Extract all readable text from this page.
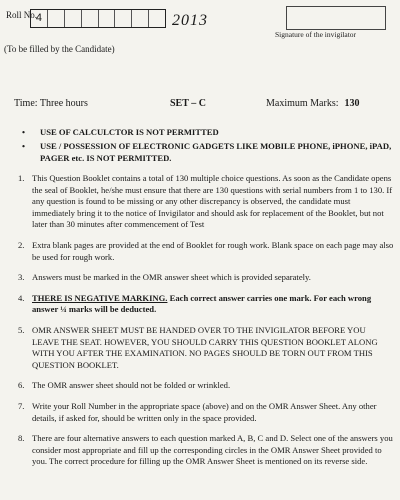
Roll No.
4	2013
Signature of the invigilator
(To be filled by the Candidate)
Time: Three hours	SET – C	Maximum Marks: 130
• USE OF CALCULCTOR IS NOT PERMITTED
• USE / POSSESSION OF ELECTRONIC GADGETS LIKE MOBILE PHONE, iPHONE, iPAD, PAGER etc. IS NOT PERMITTED.
1. This Question Booklet contains a total of 130 multiple choice questions. As soon as the Candidate opens the seal of Booklet, he/she must ensure that there are 130 questions with serial numbers from 1 to 130. If any question is found to be missing or any other discrepancy is observed, the candidate must immediately bring it to the notice of Invigilator and should ask for replacement of the Booklet, but not later than 30 minutes after commencement of Test
2. Extra blank pages are provided at the end of Booklet for rough work. Blank space on each page may also be used for rough work.
3. Answers must be marked in the OMR answer sheet which is provided separately.
4. THERE IS NEGATIVE MARKING. Each correct answer carries one mark. For each wrong answer ¼ marks will be deducted.
5. OMR ANSWER SHEET MUST BE HANDED OVER TO THE INVIGILATOR BEFORE YOU LEAVE THE SEAT. HOWEVER, YOU SHOULD CARRY THIS QUESTION BOOKLET ALONG WITH YOU AFTER THE EXAMINATION. NO PAGES SHOULD BE TORN OUT FROM THIS QUESTION BOOKLET.
6. The OMR answer sheet should not be folded or wrinkled.
7. Write your Roll Number in the appropriate space (above) and on the OMR Answer Sheet. Any other details, if asked for, should be written only in the space provided.
8. There are four alternative answers to each question marked A, B, C and D. Select one of the answers you consider most appropriate and fill up the corresponding circles in the OMR Answer Sheet provided to you. The correct procedure for filling up the OMR Answer Sheet is mentioned on its reverse side.
